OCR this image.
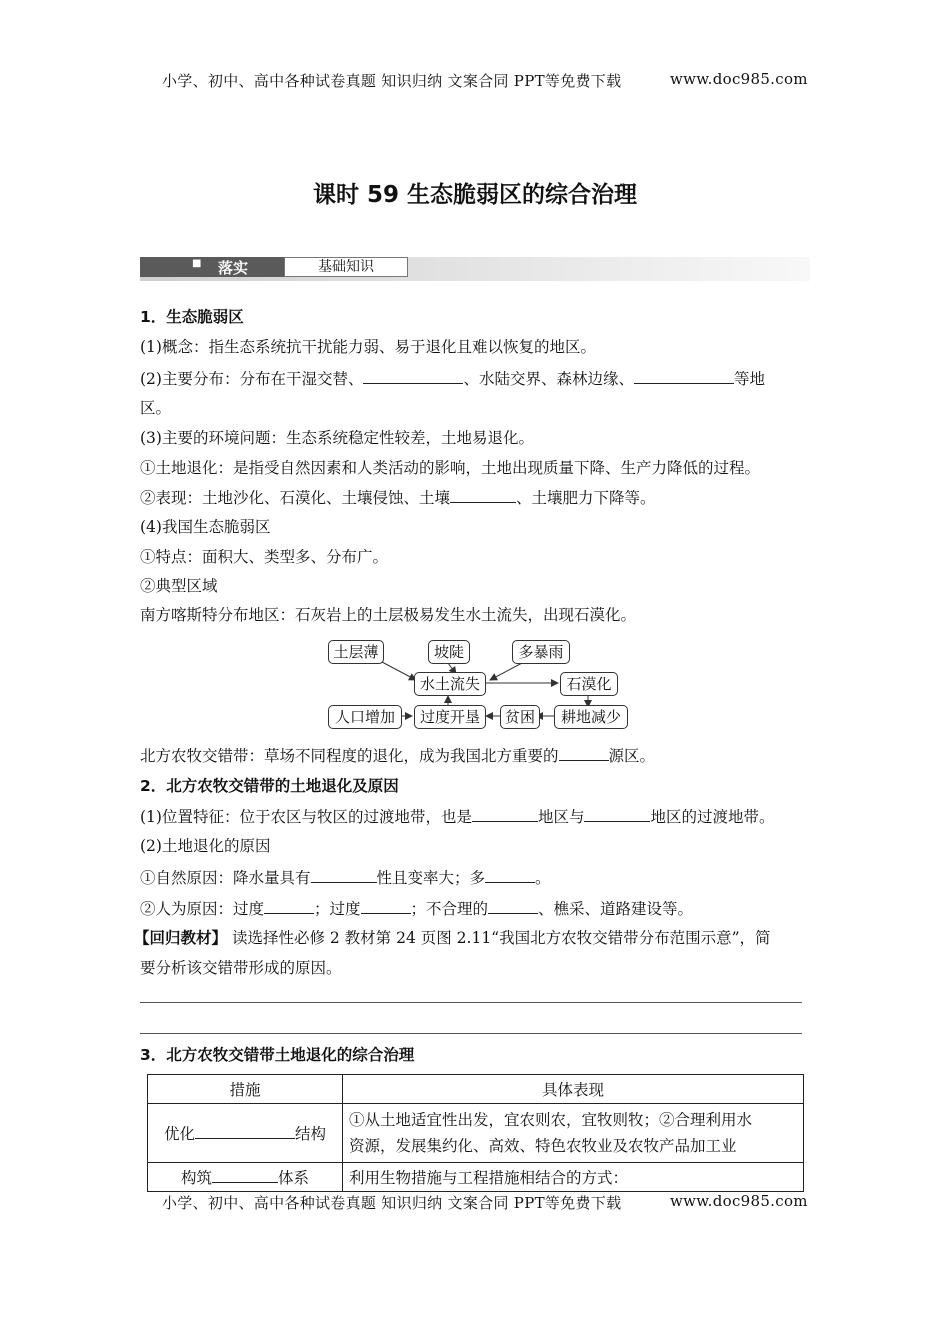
小学、初中、高中各种试卷真题 知识归纳 文案合同 PPT等免费下载	www.doc985.com
课时 59 生态脆弱区的综合治理
■ 落实	基础知识
1．生态脆弱区
(1)概念：指生态系统抗干扰能力弱、易于退化且难以恢复的地区。
(2)主要分布：分布在干湿交替、	、水陆交界、森林边缘、	等地
区。
(3)主要的环境问题：生态系统稳定性较差，土地易退化。
①土地退化：是指受自然因素和人类活动的影响，土地出现质量下降、生产力降低的过程。
②表现：土地沙化、石漠化、土壤侵蚀、土壤	、土壤肥力下降等。
(4)我国生态脆弱区
①特点：面积大、类型多、分布广。
②典型区域
南方喀斯特分布地区：石灰岩上的土层极易发生水土流失，出现石漠化。
土层薄	坡陡	多暴雨
水土流失	石漠化
人口增加	过度开垦	贫困	耕地减少
北方农牧交错带：草场不同程度的退化，成为我国北方重要的	源区。
2．北方农牧交错带的土地退化及原因
(1)位置特征：位于农区与牧区的过渡地带，也是	地区与	地区的过渡地带。
(2)土地退化的原因
①自然原因：降水量具有	性且变率大；多	。
②人为原因：过度	；过度	；不合理的	、樵采、道路建设等。
【回归教材】 读选择性必修 2 教材第 24 页图 2.11“我国北方农牧交错带分布范围示意”，简
要分析该交错带形成的原因。
3．北方农牧交错带土地退化的综合治理
措施	具体表现
优化 结构	①从土地适宜性出发，宜农则农，宜牧则牧；②合理利用水
资源，发展集约化、高效、特色农牧业及农牧产品加工业

构筑 体系	利用生物措施与工程措施相结合的方式：
小学、初中、高中各种试卷真题 知识归纳 文案合同 PPT等免费下载	www.doc985.com
